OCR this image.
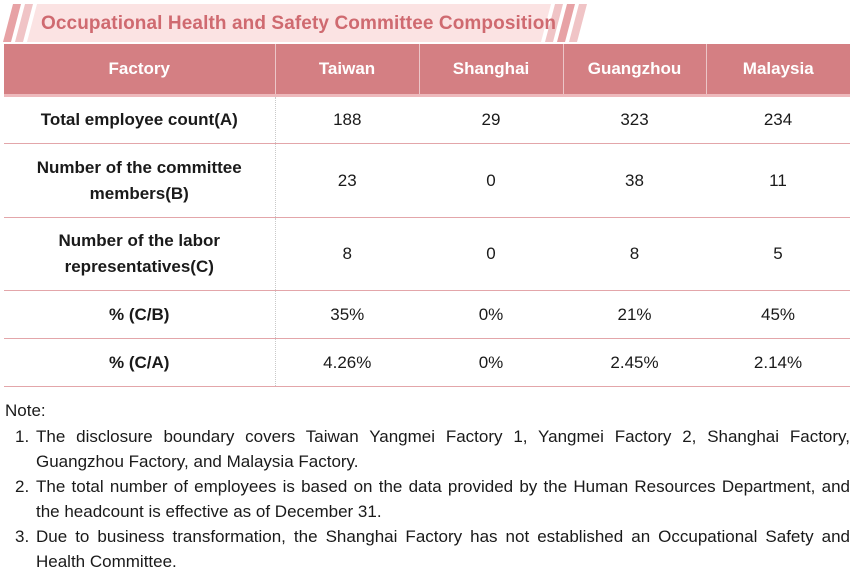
Occupational Health and Safety Committee Composition
Factory	Taiwan	Shanghai	Guangzhou	Malaysia
Total employee count(A)	188	29	323	234
Number of the committee members(B)	23	0	38	11
Number of the labor representatives(C)	8	0	8	5
% (C/B)	35%	0%	21%	45%
% (C/A)	4.26%	0%	2.45%	2.14%
Note:
1. The disclosure boundary covers Taiwan Yangmei Factory 1, Yangmei Factory 2, Shanghai Factory, Guangzhou Factory, and Malaysia Factory.
2. The total number of employees is based on the data provided by the Human Resources Department, and the headcount is effective as of December 31.
3. Due to business transformation, the Shanghai Factory has not established an Occupational Safety and Health Committee.
